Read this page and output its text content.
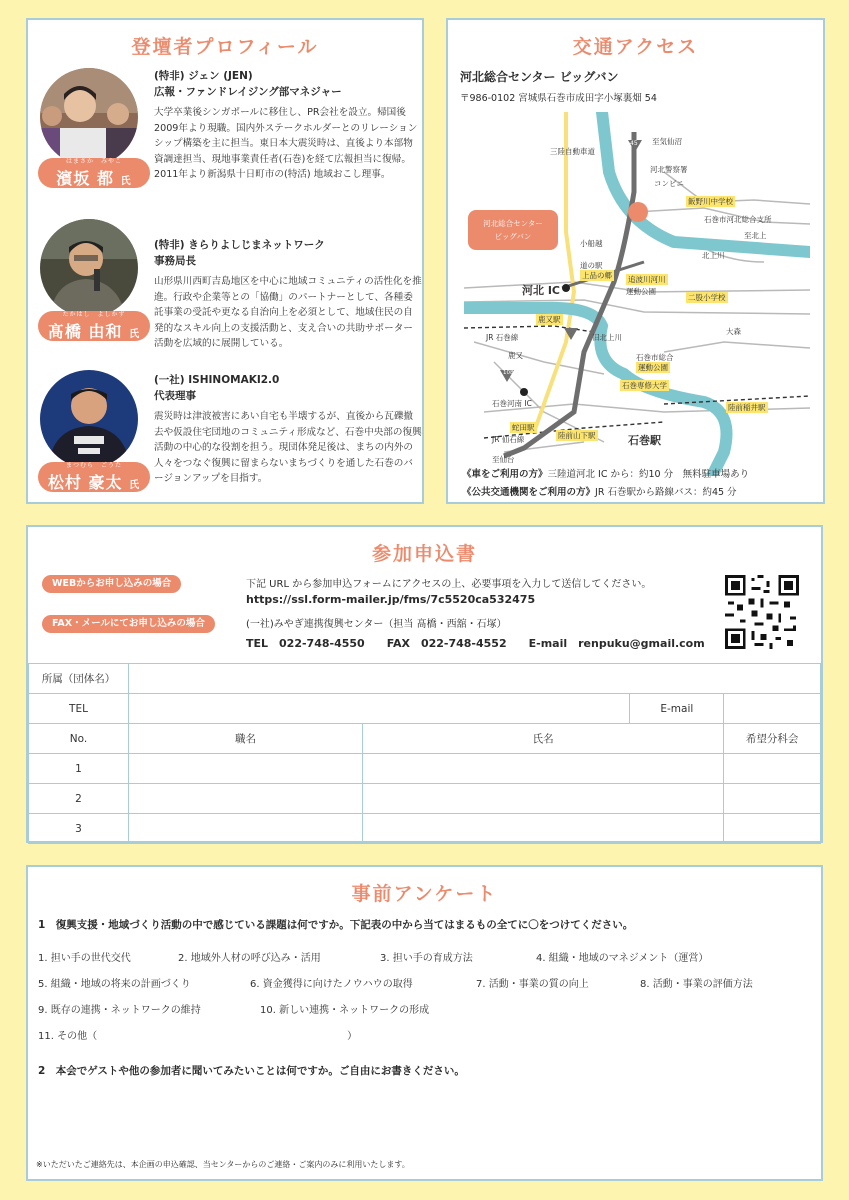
登壇者プロフィール
はまさか　みやこ
濱坂 都 氏
(特非) ジェン (JEN)
広報・ファンドレイジング部マネジャー
大学卒業後シンガポールに移住し、PR会社を設立。帰国後2009年より現職。国内外ステークホルダーとのリレーションシップ構築を主に担当。東日本大震災時は、直後より本部物資調達担当、現地事業責任者(石巻)を経て広報担当に復帰。2011年より新潟県十日町市の(特活) 地域おこし理事。
たかはし　よしかず
髙橋 由和 氏
(特非) きらりよしじまネットワーク
事務局長
山形県川西町吉島地区を中心に地域コミュニティの活性化を推進。行政や企業等との「協働」のパートナーとして、各種委託事業の受託や更なる自治向上を必須として、地域住民の自発的なスキル向上の支援活動と、支え合いの共助サポーター活動を広域的に展開している。
まつむら　ごうた
松村 豪太 氏
(一社) ISHINOMAKI2.0
代表理事
震災時は津波被害にあい自宅も半壊するが、直後から瓦礫撤去や仮設住宅団地のコミュニティ形成など、石巻中央部の復興活動の中心的な役割を担う。現団体発足後は、まちの内外の人々をつなぐ復興に留まらないまちづくりを通した石巻のバージョンアップを目指す。
交通アクセス
河北総合センター ビッグバン
〒986-0102 宮城県石巻市成田字小塚裏畑 54
河北総合センター
ビッグバン
三陸自動車道
45 至気仙沼
河北警察署
コンビニ
飯野川中学校
石巻市河北総合支所
至北上
小船越
北上川
道の駅
上品の郷
河北 IC
追波川河川
運動公園
二股小学校
鹿又駅
JR 石巻線	旧北上川
大森
鹿又
108
石巻市総合
運動公園
石巻専修大学
石巻河南 IC	陸前稲井駅
蛇田駅
陸前山下駅	石巻駅
JR 仙石線
至仙台
《車をご利用の方》三陸道河北 IC から：約10 分　無料駐車場あり
《公共交通機関をご利用の方》JR 石巻駅から路線バス：約45 分
参加申込書
WEBからお申し込みの場合	下記 URL から参加申込フォームにアクセスの上、必要事項を入力して送信してください。
https://ssl.form-mailer.jp/fms/7c5520ca532475
FAX・メールにてお申し込みの場合	(一社)みやぎ連携復興センター（担当 髙橋・西舘・石塚）
TEL　022-748-4550　　FAX　022-748-4552　　E-mail　renpuku@gmail.com
所属（団体名）				
TEL			E-mail	
No.	職名	氏名		希望分科会
1				
2				
3				
事前アンケート
1　復興支援・地域づくり活動の中で感じている課題は何ですか。下記表の中から当てはまるもの全てに〇をつけてください。
1. 担い手の世代交代	2. 地域外人材の呼び込み・活用	3. 担い手の育成方法	4. 組織・地域のマネジメント（運営）
5. 組織・地域の将来の計画づくり	6. 資金獲得に向けたノウハウの取得	7. 活動・事業の質の向上	8. 活動・事業の評価方法
9. 既存の連携・ネットワークの維持	10. 新しい連携・ネットワークの形成
11. その他（　　　　　　　　　　　　　　　　　　　　　　　　　）
2　本会でゲストや他の参加者に聞いてみたいことは何ですか。ご自由にお書きください。
※いただいたご連絡先は、本企画の申込確認、当センターからのご連絡・ご案内のみに利用いたします。
